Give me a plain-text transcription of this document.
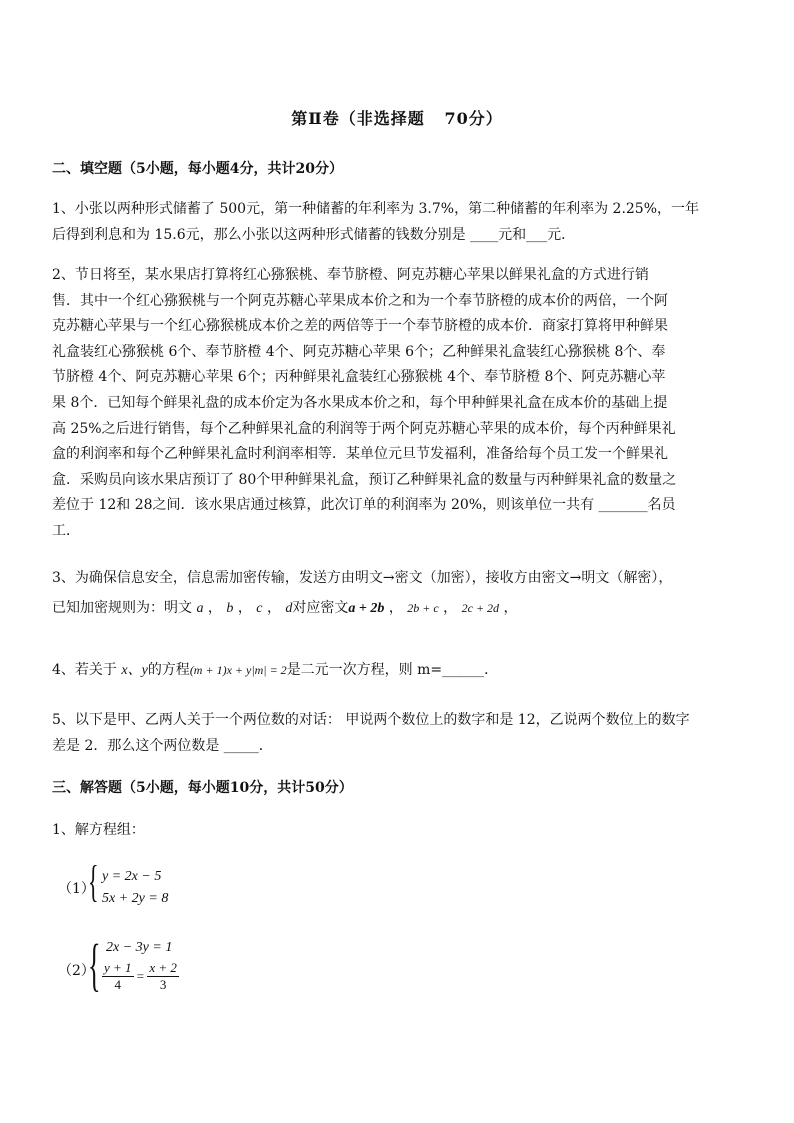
第Ⅱ卷（非选择题   70分）
二、填空题（5小题，每小题4分，共计20分）
1、小张以两种形式储蓄了 500元，第一种储蓄的年利率为 3.7%，第二种储蓄的年利率为 2.25%，一年
后得到利息和为 15.6元，那么小张以这两种形式储蓄的钱数分别是 ____元和___元．
2、节日将至，某水果店打算将红心猕猴桃、奉节脐橙、阿克苏糖心苹果以鲜果礼盒的方式进行销
售．其中一个红心猕猴桃与一个阿克苏糖心苹果成本价之和为一个奉节脐橙的成本价的两倍，一个阿
克苏糖心苹果与一个红心猕猴桃成本价之差的两倍等于一个奉节脐橙的成本价．商家打算将甲种鲜果
礼盒装红心猕猴桃 6个、奉节脐橙 4个、阿克苏糖心苹果 6个；乙种鲜果礼盒装红心猕猴桃 8个、奉
节脐橙 4个、阿克苏糖心苹果 6个；丙种鲜果礼盒装红心猕猴桃 4个、奉节脐橙 8个、阿克苏糖心苹
果 8个．已知每个鲜果礼盘的成本价定为各水果成本价之和，每个甲种鲜果礼盒在成本价的基础上提
高 25%之后进行销售，每个乙种鲜果礼盒的利润等于两个阿克苏糖心苹果的成本价，每个丙种鲜果礼
盒的利润率和每个乙种鲜果礼盒时利润率相等．某单位元旦节发福利，准备给每个员工发一个鲜果礼
盒．采购员向该水果店预订了 80个甲种鲜果礼盒，预订乙种鲜果礼盒的数量与丙种鲜果礼盒的数量之
差位于 12和 28之间．该水果店通过核算，此次订单的利润率为 20%，则该单位一共有 _______名员
工．
3、为确保信息安全，信息需加密传输，发送方由明文→密文（加密），接收方由密文→明文（解密），
已知加密规则为：明文 a ， b ， c ， d对应密文a + 2b ， 2b + c ， 2c + 2d ，
4、若关于 x、y的方程(m + 1)x + y|m| = 2是二元一次方程，则 m=______．
5、以下是甲、乙两人关于一个两位数的对话： 甲说两个数位上的数字和是 12，乙说两个数位上的数字
差是 2．那么这个两位数是 _____．
三、解答题（5小题，每小题10分，共计50分）
1、解方程组：
（1）
{ y = 2x − 5
5x + 2y = 8
（2）
{ 2x − 3y = 1
$\frac{y + 1}{4} = \frac{x + 2}{3}$
